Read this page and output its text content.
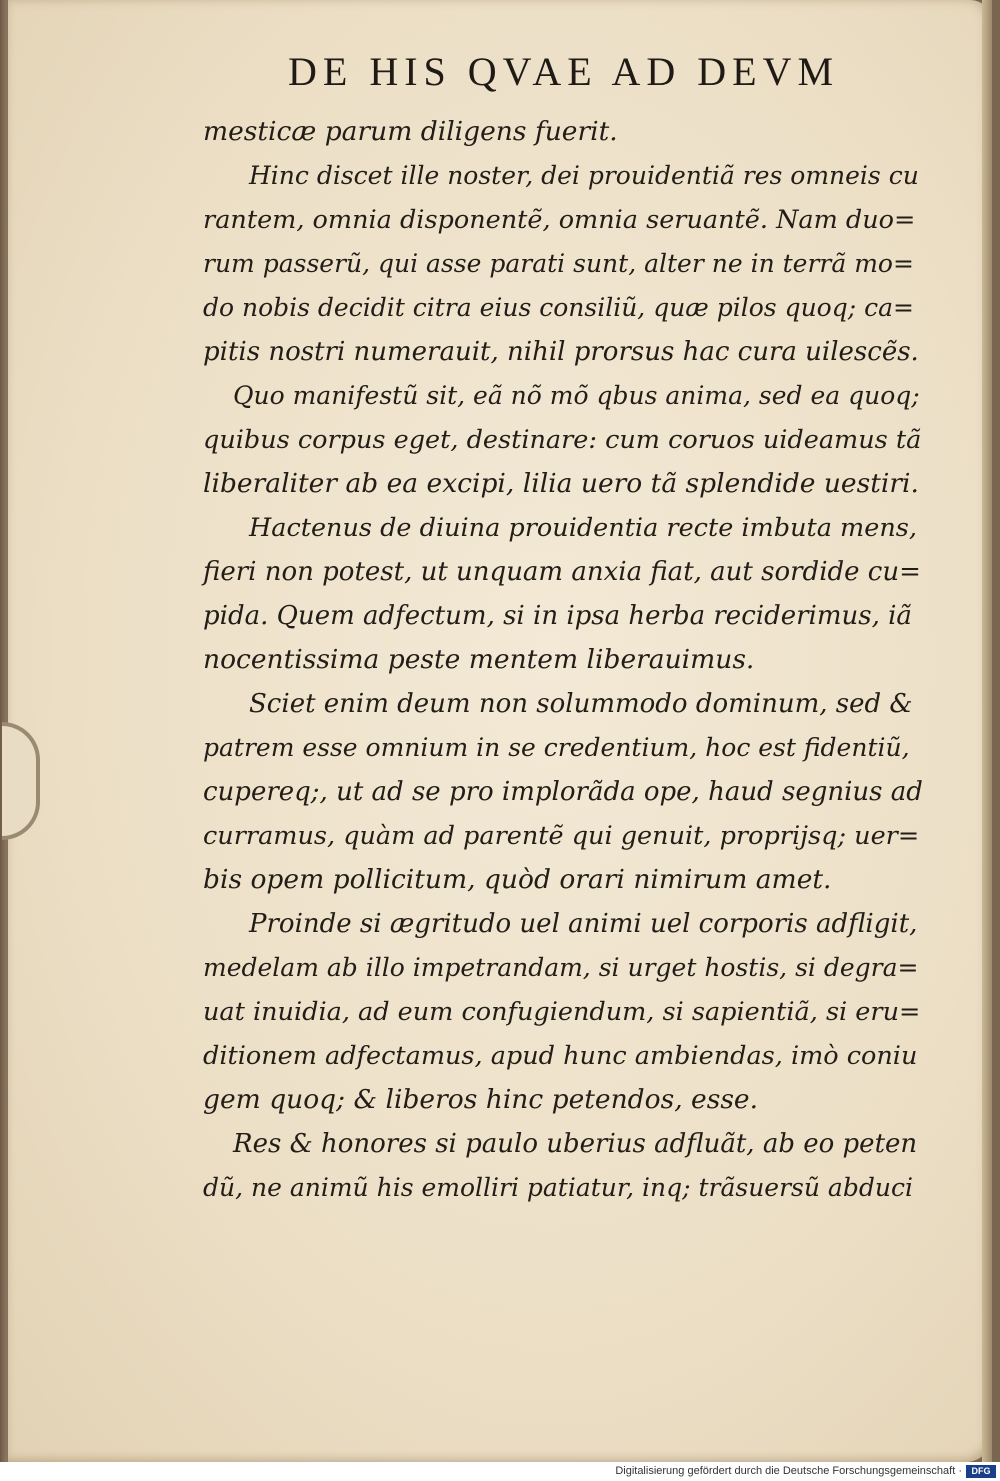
DE HIS QVAE AD DEVM
mesticæ parum diligens fuerit.
Hinc discet ille noster, dei prouidentiã res omneis cu
rantem, omnia disponentẽ, omnia seruantẽ. Nam duo=
rum passerũ, qui asse parati sunt, alter ne in terrã mo=
do nobis decidit citra eius consiliũ, quæ pilos quoq; ca=
pitis nostri numerauit, nihil prorsus hac cura uilescẽs.
Quo manifestũ sit, eã nõ mõ qbus anima, sed ea quoq;
quibus corpus eget, destinare: cum coruos uideamus tã
liberaliter ab ea excipi, lilia uero tã splendide uestiri.
Hactenus de diuina prouidentia recte imbuta mens,
fieri non potest, ut unquam anxia fiat, aut sordide cu=
pida. Quem adfectum, si in ipsa herba reciderimus, iã
nocentissima peste mentem liberauimus.
Sciet enim deum non solummodo dominum, sed &
patrem esse omnium in se credentium, hoc est fidentiũ,
cupereq;, ut ad se pro implorãda ope, haud segnius ad
curramus, quàm ad parentẽ qui genuit, proprijsq; uer=
bis opem pollicitum, quòd orari nimirum amet.
Proinde si ægritudo uel animi uel corporis adfligit,
medelam ab illo impetrandam, si urget hostis, si degra=
uat inuidia, ad eum confugiendum, si sapientiã, si eru=
ditionem adfectamus, apud hunc ambiendas, imò coniu
gem quoq; & liberos hinc petendos, esse.
Res & honores si paulo uberius adfluãt, ab eo peten
dũ, ne animũ his emolliri patiatur, inq; trãsuersũ abduci
Digitalisierung gefördert durch die Deutsche Forschungsgemeinschaft ·	DFG
